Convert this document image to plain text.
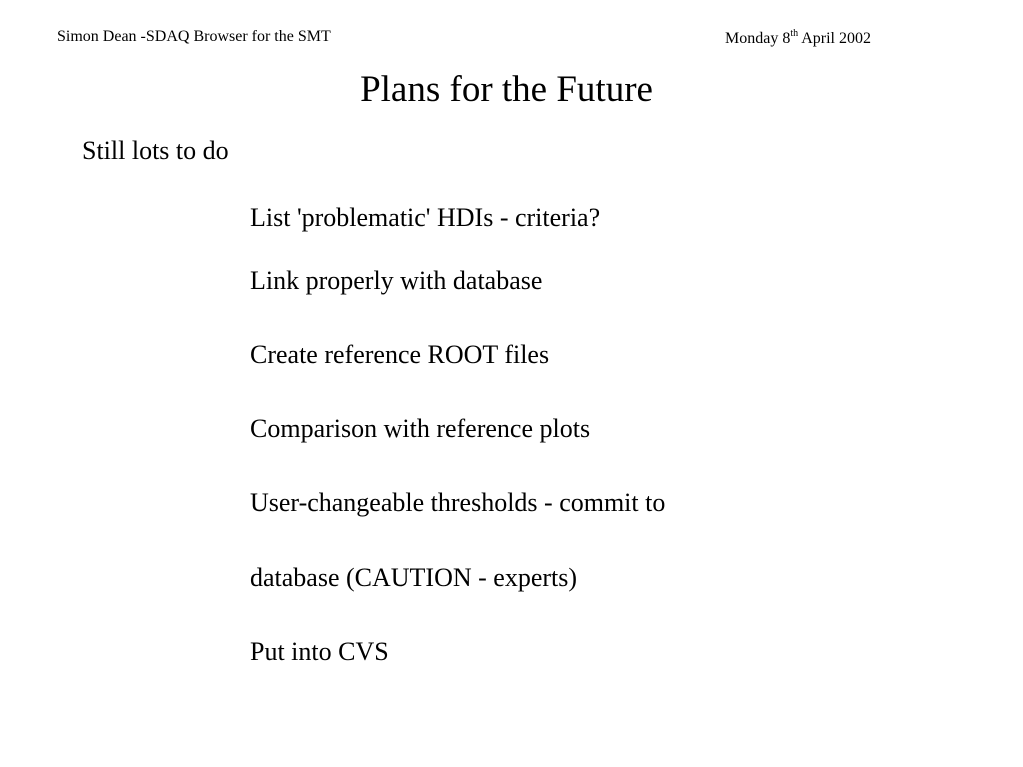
Simon Dean -SDAQ Browser for the SMT	Monday 8th April 2002
Plans for the Future
Still lots to do
List 'problematic' HDIs - criteria?
Link properly with database
Create reference ROOT files
Comparison with reference plots
User-changeable thresholds - commit to
database (CAUTION - experts)
Put into CVS
